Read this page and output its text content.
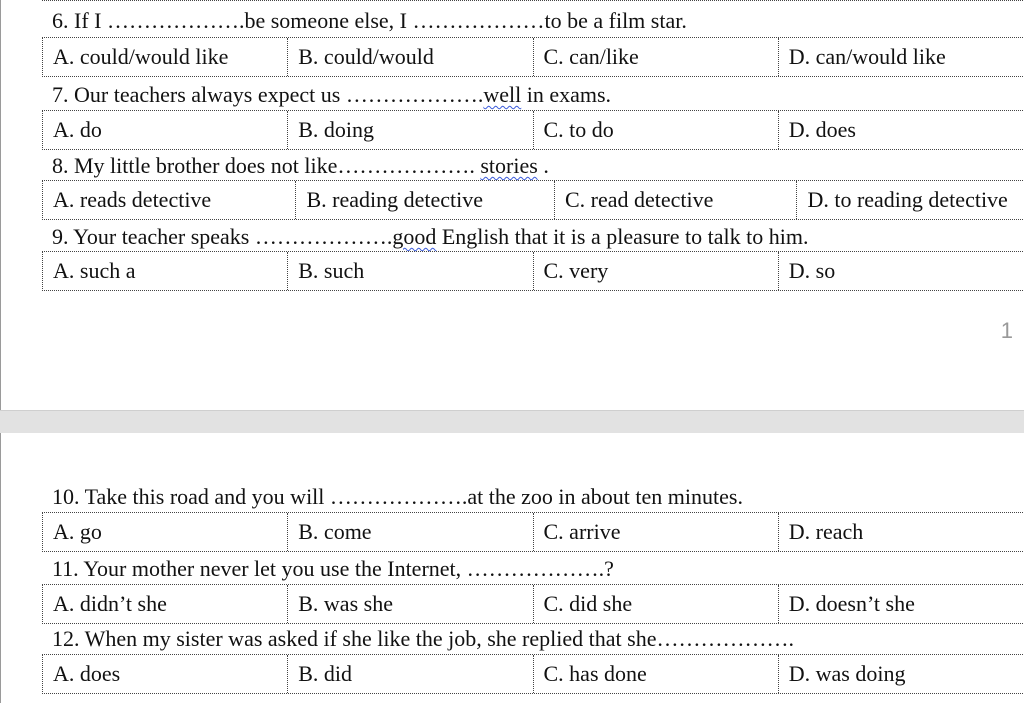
6. If I ……………….be someone else, I ………………to be a film star.
A. could/would like	B. could/would	C. can/like	D. can/would like
7. Our teachers always expect us ……………….well in exams.
A. do	B. doing	C. to do	D. does
8. My little brother does not like………………. stories .
A. reads detective	B. reading detective	C. read detective	D. to reading detective
9. Your teacher speaks ……………….good English that it is a pleasure to talk to him.
A. such a	B. such	C. very	D. so
1
10. Take this road and you will ……………….at the zoo in about ten minutes.
A. go	B. come	C. arrive	D. reach
11. Your mother never let you use the Internet, ……………….?
A. didn’t she	B. was she	C. did she	D. doesn’t she
12. When my sister was asked if she like the job, she replied that she……………….
A. does	B. did	C. has done	D. was doing
